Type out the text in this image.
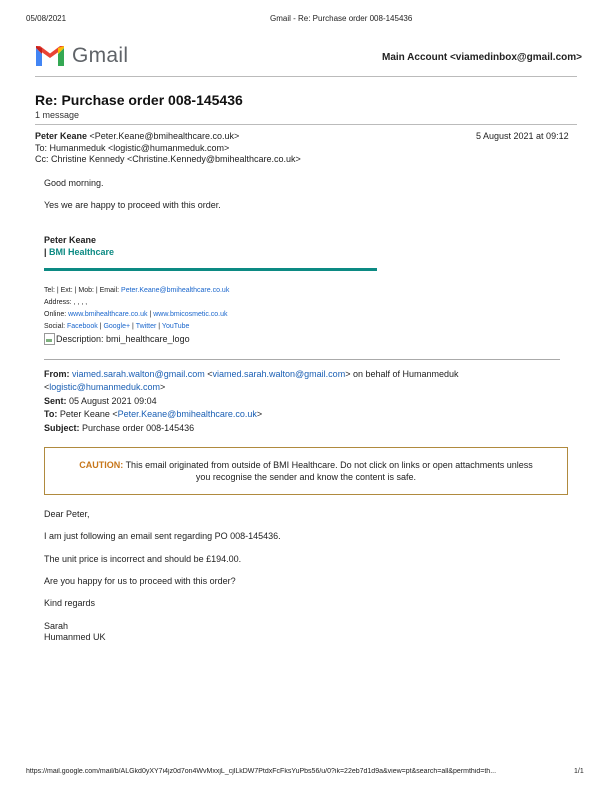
05/08/2021	Gmail - Re: Purchase order 008-145436
Gmail	Main Account <viamedinbox@gmail.com>
Re: Purchase order 008-145436
1 message
Peter Keane <Peter.Keane@bmihealthcare.co.uk>	5 August 2021 at 09:12
To: Humanmeduk <logistic@humanmeduk.com>
Cc: Christine Kennedy <Christine.Kennedy@bmihealthcare.co.uk>
Good morning.
Yes we are happy to proceed with this order.
Peter Keane
| BMI Healthcare
Tel: | Ext: | Mob: | Email: Peter.Keane@bmihealthcare.co.uk
Address: , , , ,
Online: www.bmihealthcare.co.uk | www.bmicosmetic.co.uk
Social: Facebook | Google+ | Twitter | YouTube
Description: bmi_healthcare_logo
From: viamed.sarah.walton@gmail.com <viamed.sarah.walton@gmail.com> on behalf of Humanmeduk
<logistic@humanmeduk.com>
Sent: 05 August 2021 09:04
To: Peter Keane <Peter.Keane@bmihealthcare.co.uk>
Subject: Purchase order 008-145436
CAUTION: This email originated from outside of BMI Healthcare. Do not click on links or open attachments unless
you recognise the sender and know the content is safe.
Dear Peter,
I am just following an email sent regarding PO 008-145436.
The unit price is incorrect and should be £194.00.
Are you happy for us to proceed with this order?
Kind regards
Sarah
Humanmed UK
https://mail.google.com/mail/b/ALGkd0yXY7i4jz0d7on4WvMxxjL_cjlLkDW7PtdxFcFksYuPbs56/u/0?ik=22eb7d1d9a&view=pt&search=all&permthid=th...	1/1
